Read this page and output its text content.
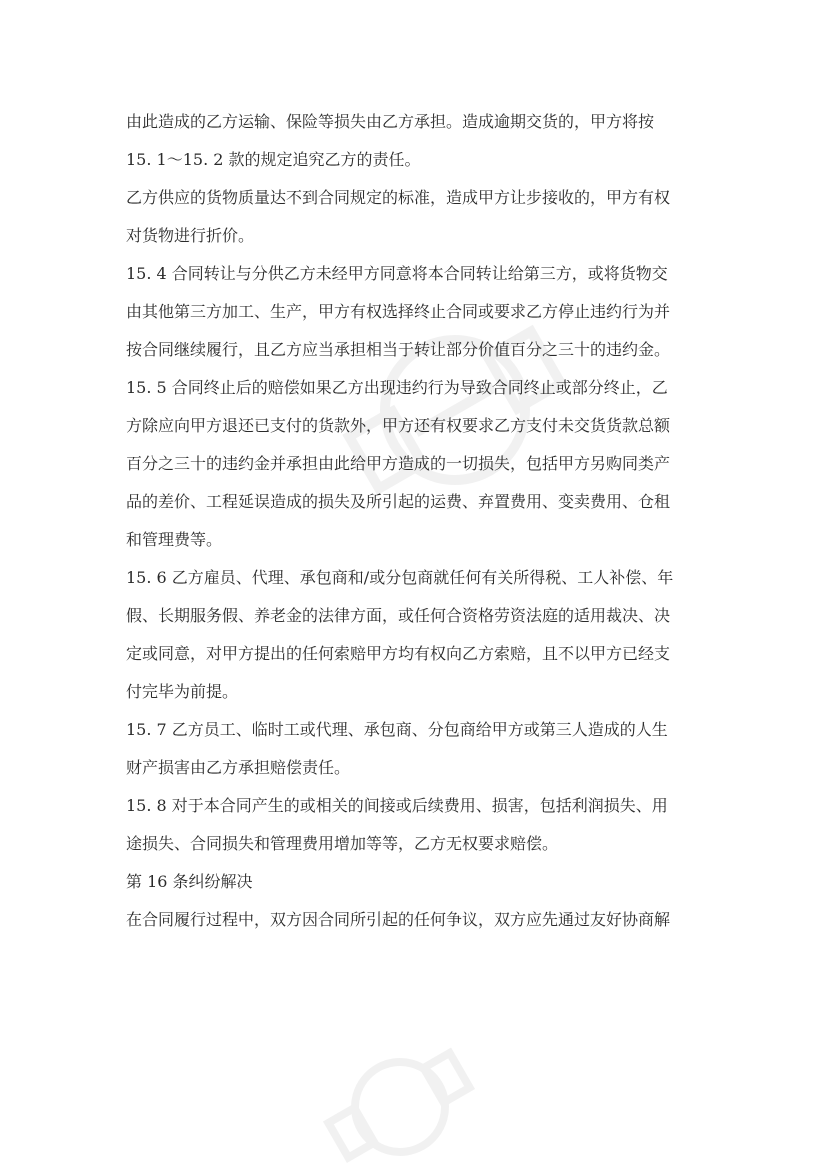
由此造成的乙方运输、保险等损失由乙方承担。造成逾期交货的，甲方将按
15. 1～15. 2 款的规定追究乙方的责任。
乙方供应的货物质量达不到合同规定的标准，造成甲方让步接收的，甲方有权
对货物进行折价。
15. 4 合同转让与分供乙方未经甲方同意将本合同转让给第三方，或将货物交
由其他第三方加工、生产，甲方有权选择终止合同或要求乙方停止违约行为并
按合同继续履行，且乙方应当承担相当于转让部分价值百分之三十的违约金。
15. 5 合同终止后的赔偿如果乙方出现违约行为导致合同终止或部分终止，乙
方除应向甲方退还已支付的货款外，甲方还有权要求乙方支付未交货货款总额
百分之三十的违约金并承担由此给甲方造成的一切损失，包括甲方另购同类产
品的差价、工程延误造成的损失及所引起的运费、弃置费用、变卖费用、仓租
和管理费等。
15. 6 乙方雇员、代理、承包商和/或分包商就任何有关所得税、工人补偿、年
假、长期服务假、养老金的法律方面，或任何合资格劳资法庭的适用裁决、决
定或同意，对甲方提出的任何索赔甲方均有权向乙方索赔，且不以甲方已经支
付完毕为前提。
15. 7 乙方员工、临时工或代理、承包商、分包商给甲方或第三人造成的人生
财产损害由乙方承担赔偿责任。
15. 8 对于本合同产生的或相关的间接或后续费用、损害，包括利润损失、用
途损失、合同损失和管理费用增加等等，乙方无权要求赔偿。
第 16 条纠纷解决
在合同履行过程中，双方因合同所引起的任何争议，双方应先通过友好协商解
